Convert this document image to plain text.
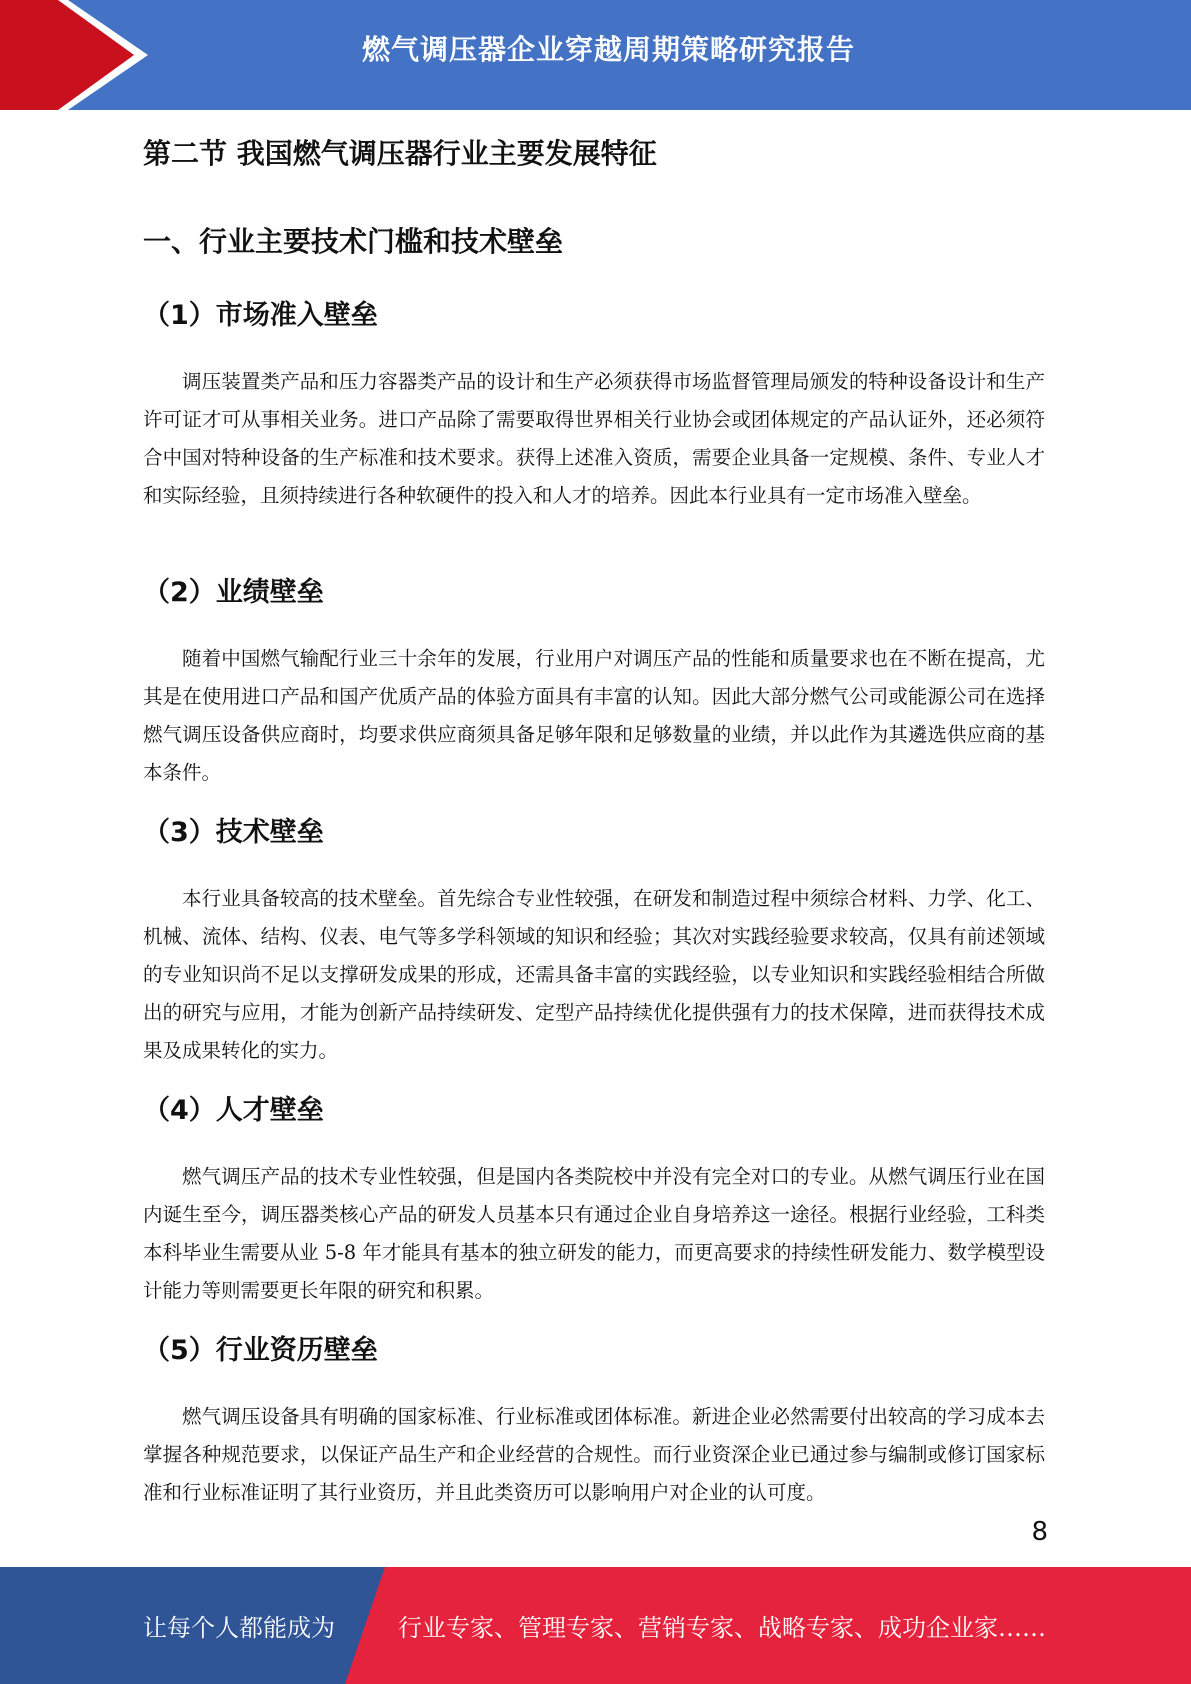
燃气调压器企业穿越周期策略研究报告
第二节 我国燃气调压器行业主要发展特征
一、行业主要技术门槛和技术壁垒
（1）市场准入壁垒

调压装置类产品和压力容器类产品的设计和生产必须获得市场监督管理局颁发的特种设备设计和生产许可证才可从事相关业务。进口产品除了需要取得世界相关行业协会或团体规定的产品认证外，还必须符合中国对特种设备的生产标准和技术要求。获得上述准入资质，需要企业具备一定规模、条件、专业人才和实际经验，且须持续进行各种软硬件的投入和人才的培养。因此本行业具有一定市场准入壁垒。

（2）业绩壁垒

随着中国燃气输配行业三十余年的发展，行业用户对调压产品的性能和质量要求也在不断在提高，尤其是在使用进口产品和国产优质产品的体验方面具有丰富的认知。因此大部分燃气公司或能源公司在选择燃气调压设备供应商时，均要求供应商须具备足够年限和足够数量的业绩，并以此作为其遴选供应商的基本条件。

（3）技术壁垒

本行业具备较高的技术壁垒。首先综合专业性较强，在研发和制造过程中须综合材料、力学、化工、机械、流体、结构、仪表、电气等多学科领域的知识和经验；其次对实践经验要求较高，仅具有前述领域的专业知识尚不足以支撑研发成果的形成，还需具备丰富的实践经验，以专业知识和实践经验相结合所做出的研究与应用，才能为创新产品持续研发、定型产品持续优化提供强有力的技术保障，进而获得技术成果及成果转化的实力。

（4）人才壁垒

燃气调压产品的技术专业性较强，但是国内各类院校中并没有完全对口的专业。从燃气调压行业在国内诞生至今，调压器类核心产品的研发人员基本只有通过企业自身培养这一途径。根据行业经验，工科类本科毕业生需要从业 5-8 年才能具有基本的独立研发的能力，而更高要求的持续性研发能力、数学模型设计能力等则需要更长年限的研究和积累。

（5）行业资历壁垒

燃气调压设备具有明确的国家标准、行业标准或团体标准。新进企业必然需要付出较高的学习成本去掌握各种规范要求，以保证产品生产和企业经营的合规性。而行业资深企业已通过参与编制或修订国家标准和行业标准证明了其行业资历，并且此类资历可以影响用户对企业的认可度。

8
让每个人都能成为	行业专家、管理专家、营销专家、战略专家、成功企业家……
